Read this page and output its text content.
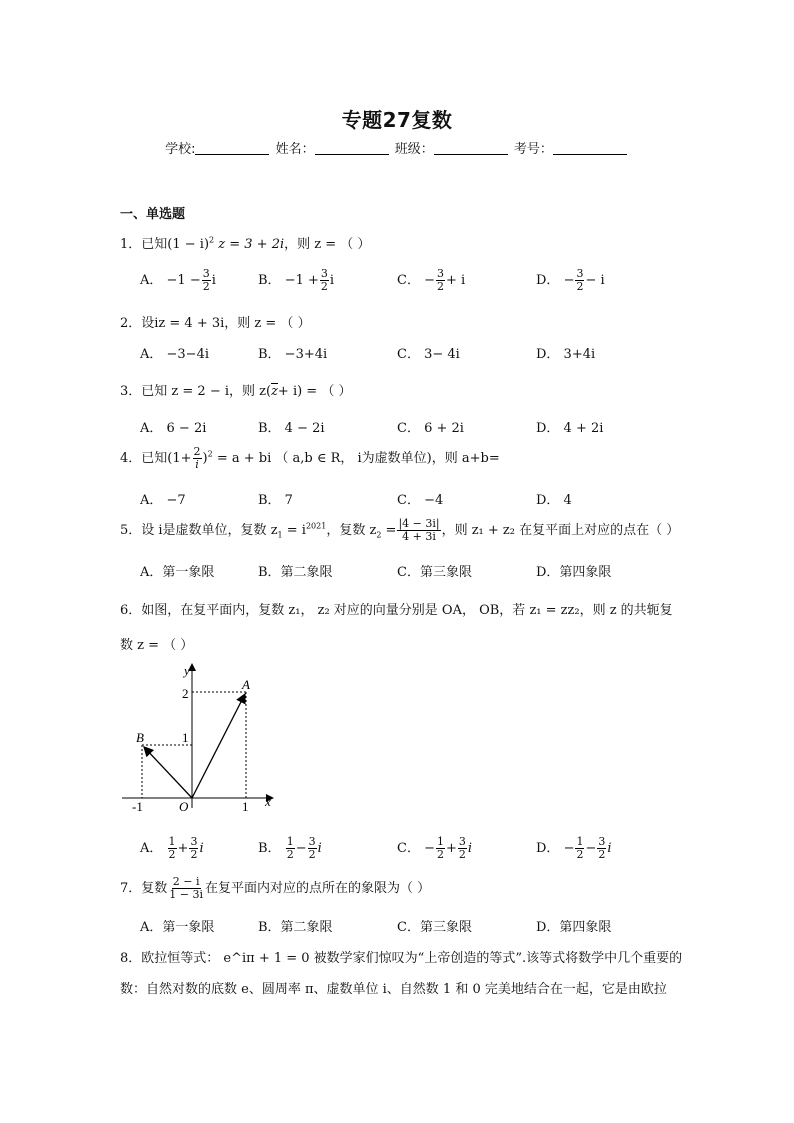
专题27复数
学校:	姓名：	班级：	考号：
一、单选题
1．已知$(1 - i)^2$ z = 3 + 2i，则 z = （ ）
A． $-1 - \frac{3}{2}$ i	B． $-1 + \frac{3}{2}$ i	C． − $\frac{3}{2} + i$	D． − $\frac{3}{2} - i$
2．设iz = 4 + 3i，则 z = （ ）
A． −3−4i	B． −3+4i	C． 3− 4i	D． 3+4i
3．已知 z = 2 − i，则 z(z+ i) = （ ）
A． 6 − 2i	B． 4 − 2i	C． 6 + 2i	D． 4 + 2i
4．已知$(1+ \frac{2}{i} )^2 = a$ + bi （ a,b ∈ R， i为虚数单位)，则 a+b=
A． −7	B． 7	C． −4	D． 4
5．设 i是虚数单位，复数 $z_1 = i^{2021}$，复数 $z_2 = \frac{|4 - 3i|}{4 + 3i}$ ，则 z₁ + z₂ 在复平面上对应的点在（ ）
A．第一象限	B．第二象限	C．第三象限	D．第四象限
6．如图，在复平面内，复数 z₁， z₂ 对应的向量分别是 OA， OB，若 z₁ = zz₂，则 z 的共轭复
数 z = （ ）
y
x
O
A
B
2
1
-1	1
A． $\frac{1}{2} + \frac{3}{2}$ i	B． $\frac{1}{2} - \frac{3}{2}$ i	C． − $\frac{1}{2} + \frac{3}{2}$ i	D． − $\frac{1}{2} - \frac{3}{2}$ i
7．复数 $\frac{2 - i}{1 - 3i}$ 在复平面内对应的点所在的象限为（ ）
A．第一象限	B．第二象限	C．第三象限	D．第四象限
8．欧拉恒等式： e^iπ + 1 = 0 被数学家们惊叹为“上帝创造的等式”.该等式将数学中几个重要的
数：自然对数的底数 e、圆周率 π、虚数单位 i、自然数 1 和 0 完美地结合在一起，它是由欧拉
